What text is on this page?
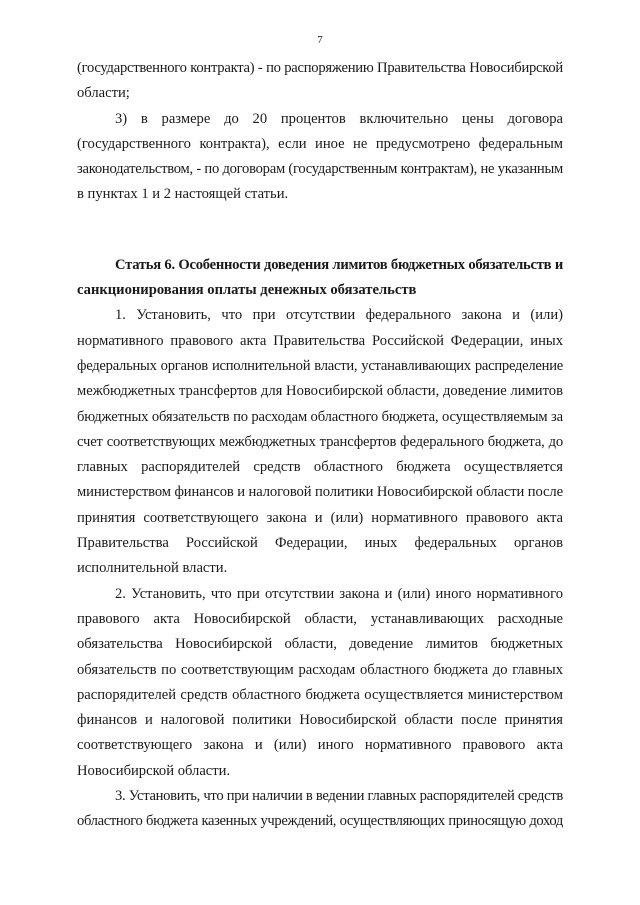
7
(государственного контракта) - по распоряжению Правительства Новосибирской
области;
3) в размере до 20 процентов включительно цены договора
(государственного контракта), если иное не предусмотрено федеральным
законодательством, - по договорам (государственным контрактам), не указанным
в пунктах 1 и 2 настоящей статьи.
Статья 6. Особенности доведения лимитов бюджетных обязательств и
санкционирования оплаты денежных обязательств
1. Установить, что при отсутствии федерального закона и (или)
нормативного правового акта Правительства Российской Федерации, иных
федеральных органов исполнительной власти, устанавливающих распределение
межбюджетных трансфертов для Новосибирской области, доведение лимитов
бюджетных обязательств по расходам областного бюджета, осуществляемым за
счет соответствующих межбюджетных трансфертов федерального бюджета, до
главных распорядителей средств областного бюджета осуществляется
министерством финансов и налоговой политики Новосибирской области после
принятия соответствующего закона и (или) нормативного правового акта
Правительства Российской Федерации, иных федеральных органов
исполнительной власти.
2. Установить, что при отсутствии закона и (или) иного нормативного
правового акта Новосибирской области, устанавливающих расходные
обязательства Новосибирской области, доведение лимитов бюджетных
обязательств по соответствующим расходам областного бюджета до главных
распорядителей средств областного бюджета осуществляется министерством
финансов и налоговой политики Новосибирской области после принятия
соответствующего закона и (или) иного нормативного правового акта
Новосибирской области.
3. Установить, что при наличии в ведении главных распорядителей средств
областного бюджета казенных учреждений, осуществляющих приносящую доход
